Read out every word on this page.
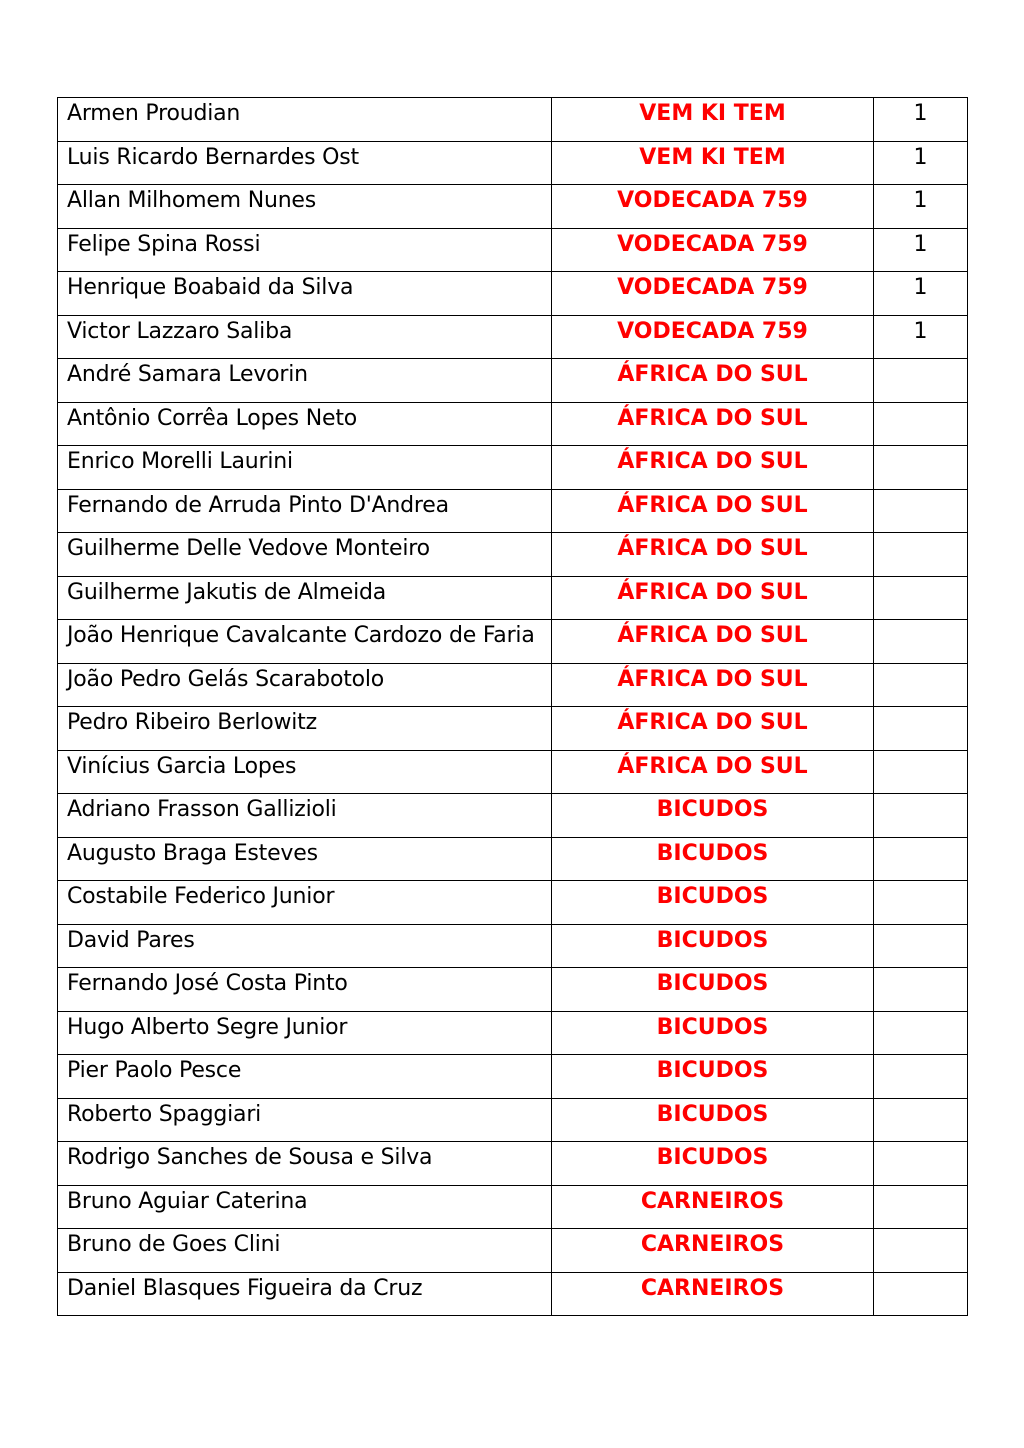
Armen Proudian	VEM KI TEM	1
Luis Ricardo Bernardes Ost	VEM KI TEM	1
Allan Milhomem Nunes	VODECADA 759	1
Felipe Spina Rossi	VODECADA 759	1
Henrique Boabaid da Silva	VODECADA 759	1
Victor Lazzaro Saliba	VODECADA 759	1
André Samara Levorin	ÁFRICA DO SUL	
Antônio Corrêa Lopes Neto	ÁFRICA DO SUL	
Enrico Morelli Laurini	ÁFRICA DO SUL	
Fernando de Arruda Pinto D'Andrea	ÁFRICA DO SUL	
Guilherme Delle Vedove Monteiro	ÁFRICA DO SUL	
Guilherme Jakutis de Almeida	ÁFRICA DO SUL	
João Henrique Cavalcante Cardozo de Faria	ÁFRICA DO SUL	
João Pedro Gelás Scarabotolo	ÁFRICA DO SUL	
Pedro Ribeiro Berlowitz	ÁFRICA DO SUL	
Vinícius Garcia Lopes	ÁFRICA DO SUL	
Adriano Frasson Gallizioli	BICUDOS	
Augusto Braga Esteves	BICUDOS	
Costabile Federico Junior	BICUDOS	
David Pares	BICUDOS	
Fernando José Costa Pinto	BICUDOS	
Hugo Alberto Segre Junior	BICUDOS	
Pier Paolo Pesce	BICUDOS	
Roberto Spaggiari	BICUDOS	
Rodrigo Sanches de Sousa e Silva	BICUDOS	
Bruno Aguiar Caterina	CARNEIROS	
Bruno de Goes Clini	CARNEIROS	
Daniel Blasques Figueira da Cruz	CARNEIROS	
